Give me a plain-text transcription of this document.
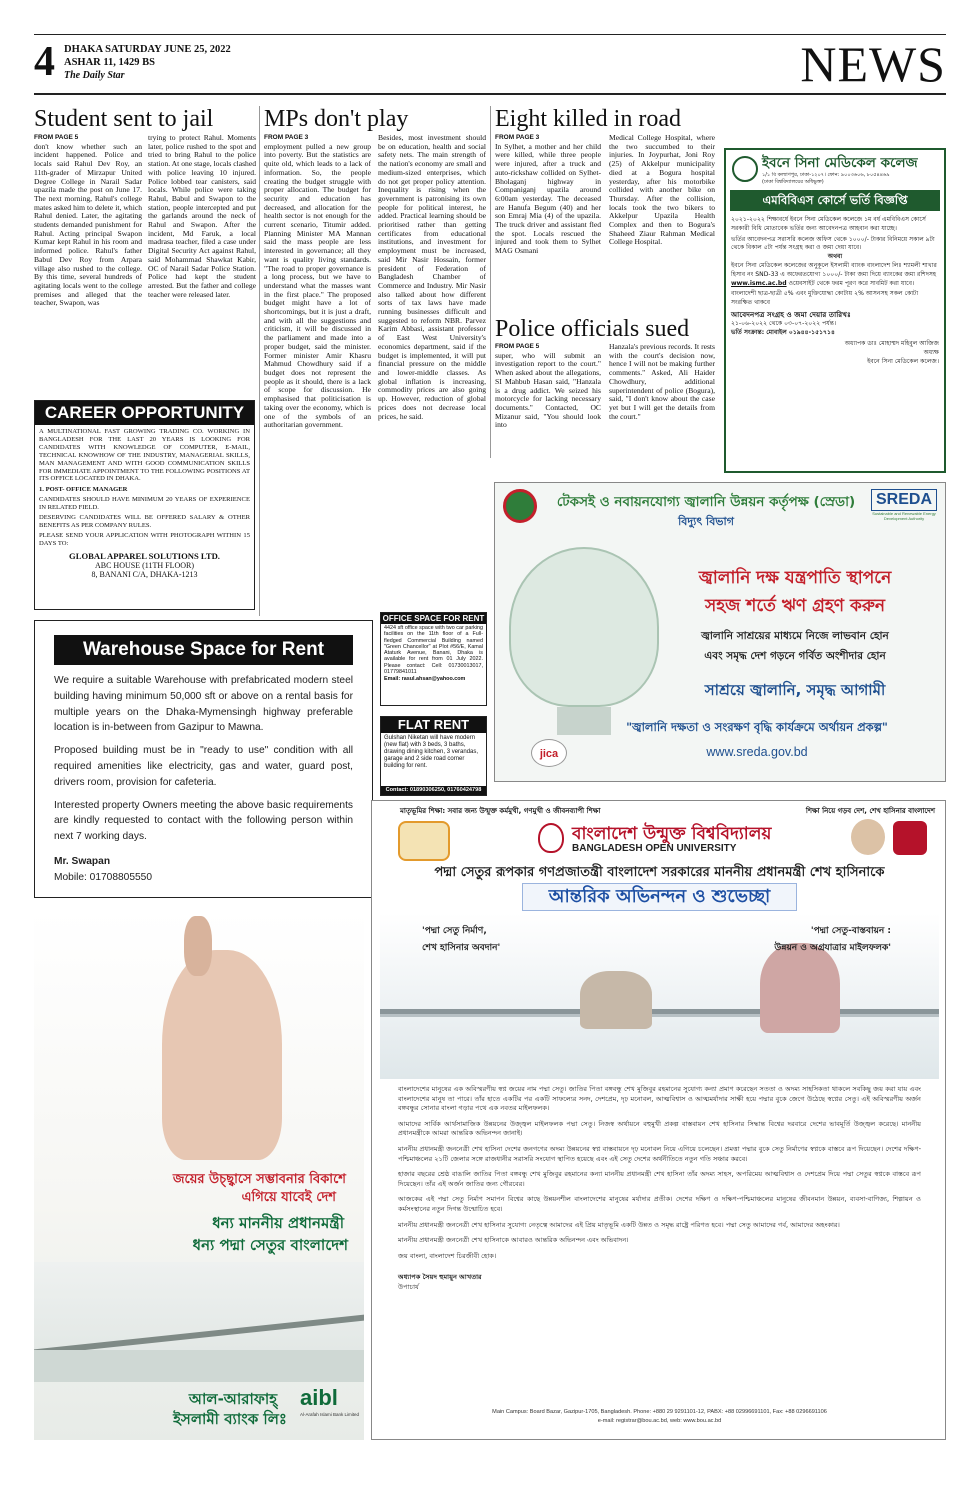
4 DHAKA SATURDAY JUNE 25, 2022
ASHAR 11, 1429 BS
The Daily Star	NEWS
Student sent to jail
FROM PAGE 5
don't know whether such an incident happened. Police and locals said Rahul Dev Roy, an 11th-grader of Mirzapur United Degree College in Narail Sadar upazila made the post on June 17. The next morning, Rahul's college mates asked him to delete it, which Rahul denied. Later, the agitating students demanded punishment for Rahul. Acting principal Swapon Kumar kept Rahul in his room and informed police. Rahul's father Babul Dev Roy from Arpara village also rushed to the college. By this time, several hundreds of agitating locals went to the college premises and alleged that the teacher, Swapon, was
trying to protect Rahul. Moments later, police rushed to the spot and tried to bring Rahul to the police station. At one stage, locals clashed with police leaving 10 injured. Police lobbed tear canisters, said locals. While police were taking Rahul, Babul and Swapon to the station, people intercepted and put the garlands around the neck of Rahul and Swapon. After the incident, Md Faruk, a local madrasa teacher, filed a case under Digital Security Act against Rahul, said Mohammad Shawkat Kabir, OC of Narail Sadar Police Station. Police had kept the student arrested. But the father and college teacher were released later.
MPs don't play
FROM PAGE 3
employment pulled a new group into poverty. But the statistics are quite old, which leads to a lack of information. So, the people creating the budget struggle with proper allocation. The budget for security and education has decreased, and allocation for the health sector is not enough for the current scenario, Titumir added. Planning Minister MA Mannan said the mass people are less interested in governance; all they want is quality living standards. "The road to proper governance is a long process, but we have to understand what the masses want in the first place." The proposed budget might have a lot of shortcomings, but it is just a draft, and with all the suggestions and criticism, it will be discussed in the parliament and made into a proper budget, said the minister. Former minister Amir Khasru Mahmud Chowdhury said if a budget does not represent the people as it should, there is a lack of scope for discussion. He emphasised that politicisation is taking over the economy, which is one of the symbols of an authoritarian government.
Besides, most investment should be on education, health and social safety nets. The main strength of the nation's economy are small and medium-sized enterprises, which do not get proper policy attention. Inequality is rising when the government is patronising its own people for political interest, he added. Practical learning should be prioritised rather than getting certificates from educational institutions, and investment for employment must be increased, said Mir Nasir Hossain, former president of Federation of Bangladesh Chamber of Commerce and Industry. Mir Nasir also talked about how different sorts of tax laws have made running businesses difficult and suggested to reform NBR. Parvez Karim Abbasi, assistant professor of East West University's economics department, said if the budget is implemented, it will put financial pressure on the middle and lower-middle classes. As global inflation is increasing, commodity prices are also going up. However, reduction of global prices does not decrease local prices, he said.
Eight killed in road
FROM PAGE 3
In Sylhet, a mother and her child were killed, while three people were injured, after a truck and auto-rickshaw collided on Sylhet-Bholaganj highway in Companiganj upazila around 6:00am yesterday. The deceased are Hanufa Begum (40) and her son Emraj Mia (4) of the upazila. The truck driver and assistant fled the spot. Locals rescued the injured and took them to Sylhet MAG Osmani
Medical College Hospital, where the two succumbed to their injuries. In Joypurhat, Joni Roy (25) of Akkelpur municipality died at a Bogura hospital yesterday, after his motorbike collided with another bike on Thursday. After the collision, locals took the two bikers to Akkelpur Upazila Health Complex and then to Bogura's Shaheed Ziaur Rahman Medical College Hospital.
Police officials sued
FROM PAGE 5
super, who will submit an investigation report to the court." When asked about the allegations, SI Mahbub Hasan said, "Hanzala is a drug addict. We seized his motorcycle for lacking necessary documents." Contacted, OC Mizanur said, "You should look into
Hanzala's previous records. It rests with the court's decision now, hence I will not be making further comments." Asked, Ali Haider Chowdhury, additional superintendent of police (Bogura), said, "I don't know about the case yet but I will get the details from the court."
CAREER OPPORTUNITY
A MULTINATIONAL FAST GROWING TRADING CO. WORKING IN BANGLADESH FOR THE LAST 20 YEARS IS LOOKING FOR CANDIDATES WITH KNOWLEDGE OF COMPUTER, E-MAIL, TECHNICAL KNOWHOW OF THE INDUSTRY, MANAGERIAL SKILLS, MAN MANAGEMENT AND WITH GOOD COMMUNICATION SKILLS FOR IMMEDIATE APPOINTMENT TO THE FOLLOWING POSITIONS AT ITS OFFICE LOCATED IN DHAKA.
1. POST- OFFICE MANAGER
CANDIDATES SHOULD HAVE MINIMUM 20 YEARS OF EXPERIENCE IN RELATED FIELD.
DESERVING CANDIDATES WILL BE OFFERED SALARY & OTHER BENEFITS AS PER COMPANY RULES.
PLEASE SEND YOUR APPLICATION WITH PHOTOGRAPH WITHIN 15 DAYS TO:
GLOBAL APPAREL SOLUTIONS LTD.
ABC HOUSE (11TH FLOOR)
8, BANANI C/A, DHAKA-1213
Warehouse Space for Rent

We require a suitable Warehouse with prefabricated modern steel building having minimum 50,000 sft or above on a rental basis for multiple years on the Dhaka-Mymensingh highway preferable location is in-between from Gazipur to Mawna.

Proposed building must be in "ready to use" condition with all required amenities like electricity, gas and water, guard post, drivers room, provision for cafeteria.

Interested property Owners meeting the above basic requirements are kindly requested to contact with the following person within next 7 working days.

Mr. Swapan

Mobile: 01708805550

OFFICE SPACE FOR RENT
4424 sft office space with two car parking facilities on the 11th floor of a Full-fledged Commercial Building named "Green Chancellor" at Plot #56/E, Kamal Ataturk Avenue, Banani, Dhaka is available for rent from 01 July 2022. Please contact: Cell: 01730013017, 01779841011
Email: rasul.ahsan@yahoo.com
FLAT RENT
Gulshan Niketan will have modern (new flat) with 3 beds, 3 baths, drawing dining kitchen, 3 verandas, garage and 2 side road corner building for rent.
Contact: 01890306250, 01760424798
ইবনে সিনা মেডিকেল কলেজ
১/১ বি কল্যাণপুর, ঢাকা-১২০৭। ফোন: ৯০০৩৬০৬, ৮০৫৪৪৬৯
(ঢাকা বিশ্ববিদ্যালয়ের অধিভুক্ত)
এমবিবিএস কোর্সে ভর্তি বিজ্ঞপ্তি
২০২১-২০২২ শিক্ষাবর্ষে ইবনে সিনা মেডিকেল কলেজে ১ম বর্ষ এমবিবিএস কোর্সে সরকারী বিধি মোতাবেক ভর্তির জন্য আবেদনপত্র আহবান করা যাচ্ছে।
ভর্তির আবেদনপত্র সরাসরি কলেজ অফিস থেকে ১০০০/- টাকার বিনিময়ে সকাল ৯টা থেকে বিকাল ৫টা পর্যন্ত সংগ্রহ করা ও জমা দেয়া যাবে।
অথবা
ইবনে সিনা মেডিকেল কলেজের অনুকূলে ইসলামী ব্যাংক বাংলাদেশ লিঃ শ্যামলী শাখার হিসাব নং SND-33 এ অফেরতযোগ্য ১০০০/- টাকা জমা দিয়ে ব্যাংকের জমা রশিদসহ
www.ismc.ac.bd ওয়েবসাইট থেকে ফরম পূরণ করে সাবমিট করা যাবে।
বাংলাদেশী ছাত্র-ছাত্রী ৫% এবং মুক্তিযোদ্ধা কোটায় ২% আসনসহ সকল কোটা সংরক্ষিত থাকবে
আবেদনপত্র সংগ্রহ ও জমা দেয়ার তারিখঃ
২১-০৬-২০২২ থেকে ০৩-০৭-২০২২ পর্যন্ত।
ভর্তি সংক্রান্ত: মোবাইল ০১৯৪৪-১৫১৭১৪
অধ্যাপক ডাঃ মোহাম্মদ মহিবুল আজিজ
অধ্যক্ষ
ইবনে সিনা মেডিকেল কলেজ।
টেকসই ও নবায়নযোগ্য জ্বালানি উন্নয়ন কর্তৃপক্ষ (স্রেডা)
বিদ্যুৎ বিভাগ
SREDA
Sustainable and Renewable Energy Development Authority
জ্বালানি দক্ষ যন্ত্রপাতি স্থাপনে
সহজ শর্তে ঋণ গ্রহণ করুন
জ্বালানি সাশ্রয়ের মাধ্যমে নিজে লাভবান হোন
এবং সমৃদ্ধ দেশ গড়নে গর্বিত অংশীদার হোন
সাশ্রয়ে জ্বালানি, সমৃদ্ধ আগামী
jica
"জ্বালানি দক্ষতা ও সংরক্ষণ বৃদ্ধি কার্যক্রমে অর্থায়ন প্রকল্প"
www.sreda.gov.bd
মাতৃভূমির শিক্ষা: সবার জন্য উন্মুক্ত কর্মমুখী, গণমুখী ও জীবনব্যাপী শিক্ষা	শিক্ষা নিয়ে গড়ব দেশ, শেখ হাসিনার বাংলাদেশ
বাংলাদেশ উন্মুক্ত বিশ্ববিদ্যালয়
BANGLADESH OPEN UNIVERSITY
পদ্মা সেতুর রূপকার গণপ্রজাতন্ত্রী বাংলাদেশ সরকারের মাননীয় প্রধানমন্ত্রী শেখ হাসিনাকে
আন্তরিক অভিনন্দন ও শুভেচ্ছা
'পদ্মা সেতু নির্মাণ,
শেখ হাসিনার অবদান'
'পদ্মা সেতু-বাস্তবায়ন :
উন্নয়ন ও অগ্রযাত্রার মাইলফলক'

বাংলাদেশের মানুষের এক অবিস্মরণীয় স্বপ্ন জয়ের নাম পদ্মা সেতু। জাতির পিতা বঙ্গবন্ধু শেখ মুজিবুর রহমানের সুযোগ্য কন্যা প্রমাণ করেছেন সততা ও অদম্য সাহসিকতা থাকলে সবকিছু জয় করা যায় এবং বাংলাদেশের মানুষ তা পারে। তাঁর হাতে একটির পর একটি সাফল্যের সনদ, দেশপ্রেম, দৃঢ় মনোবল, আত্মবিশ্বাস ও আত্মমর্যাদার সাক্ষী হয়ে পদ্মার বুকে জেগে উঠেছে স্বপ্নের সেতু। এই অবিস্মরণীয় অর্জন বঙ্গবন্ধুর সোনার বাংলা গড়ার পথে এক নবতর মাইলফলক।

আমাদের সার্বিক আর্থসামাজিক উন্নয়নের উজ্জ্বল মাইলফলক পদ্মা সেতু। নিজস্ব অর্থায়নে বহুমুখী প্রকল্প বাস্তবায়ন শেখ হাসিনার সিদ্ধান্ত বিশ্বের দরবারে দেশের ভাবমূর্তি উজ্জ্বল করেছে। মাননীয় প্রধানমন্ত্রীকে আমরা আন্তরিক অভিনন্দন জানাই।

মাননীয় প্রধানমন্ত্রী জননেত্রী শেখ হাসিনা দেশের জনগণের অদম্য উন্নয়নের স্বপ্ন বাস্তবায়নে দৃঢ় মনোবল নিয়ে এগিয়ে চলেছেন। প্রমত্তা পদ্মার বুকে সেতু নির্মাণের স্বপ্নকে বাস্তবে রূপ দিয়েছেন। দেশের দক্ষিণ-পশ্চিমাঞ্চলের ২১টি জেলার সঙ্গে রাজধানীর সরাসরি সংযোগ স্থাপিত হয়েছে এবং এই সেতু দেশের অর্থনীতিতে নতুন গতি সঞ্চার করবে।

হাজার বছরের শ্রেষ্ঠ বাঙালি জাতির পিতা বঙ্গবন্ধু শেখ মুজিবুর রহমানের কন্যা মাননীয় প্রধানমন্ত্রী শেখ হাসিনা তাঁর অদম্য সাহস, অপরিমেয় আত্মবিশ্বাস ও দেশপ্রেম দিয়ে পদ্মা সেতুর স্বপ্নকে বাস্তবে রূপ দিয়েছেন। তাঁর এই অর্জন জাতির জন্য গৌরবের।

আজকের এই পদ্মা সেতু নির্মাণ সমাপন বিশ্বের কাছে উন্নয়নশীল বাংলাদেশের মানুষের মর্যাদার প্রতীক। দেশের দক্ষিণ ও দক্ষিণ-পশ্চিমাঞ্চলের মানুষের জীবনমান উন্নয়ন, ব্যবসা-বাণিজ্য, শিল্পায়ন ও কর্মসংস্থানের নতুন দিগন্ত উন্মোচিত হবে।

মাননীয় প্রধানমন্ত্রী জননেত্রী শেখ হাসিনার সুযোগ্য নেতৃত্বে আমাদের এই প্রিয় মাতৃভূমি একটি উন্নত ও সমৃদ্ধ রাষ্ট্রে পরিণত হবে। পদ্মা সেতু আমাদের গর্ব, আমাদের অহংকার।

মাননীয় প্রধানমন্ত্রী জননেত্রী শেখ হাসিনাকে আবারও আন্তরিক অভিনন্দন এবং অভিবাদন।

জয় বাংলা, বাংলাদেশ চিরজীবী হোক।

অধ্যাপক সৈয়দ হুমায়ুন আখতার

উপাচার্য

Main Campus: Board Bazar, Gazipur-1705, Bangladesh. Phone: +880 29 9291101-12, PABX: +88 02996691101, Fax: +88 0296691106
e-mail: registrar@bou.ac.bd, web: www.bou.ac.bd
জয়ের উচ্ছ্বাসে সম্ভাবনার বিকাশে
এগিয়ে যাবেই দেশ
ধন্য মাননীয় প্রধানমন্ত্রী
ধন্য পদ্মা সেতুর বাংলাদেশ
আল-আরাফাহ্
ইসলামী ব্যাংক লিঃ
aibl
Al-Arafah Islami Bank Limited
